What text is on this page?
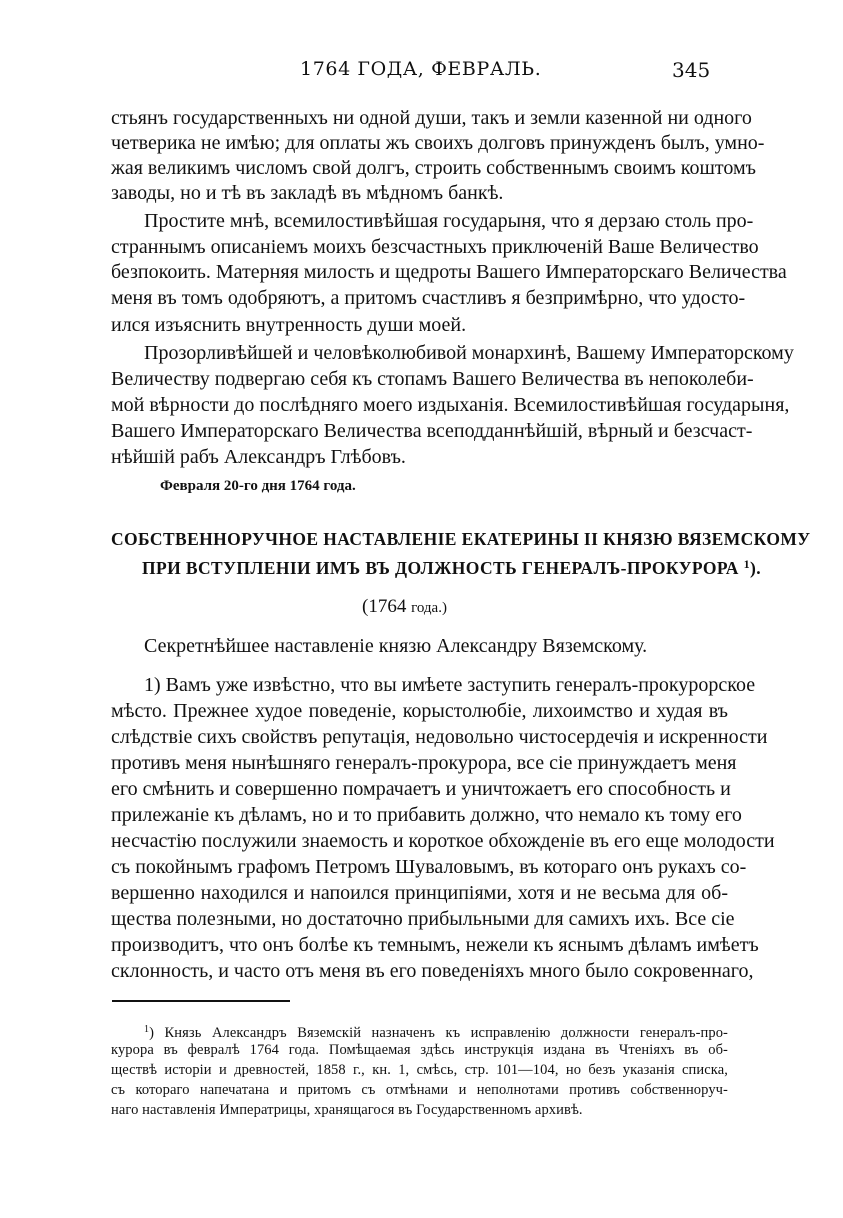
1764 ГОДА, ФЕВРАЛЬ.	345
стьянъ государственныхъ ни одной души, такъ и земли казенной ни одного
четверика не имѣю; для оплаты жъ своихъ долговъ принужденъ былъ, умно-
жая великимъ числомъ свой долгъ, строить собственнымъ своимъ коштомъ
заводы, но и тѣ въ закладѣ въ мѣдномъ банкѣ.
Простите мнѣ, всемилостивѣйшая государыня, что я дерзаю столь про-
страннымъ описаніемъ моихъ безсчастныхъ приключеній Ваше Величество
безпокоить. Матерняя милость и щедроты Вашего Императорскаго Величества
меня въ томъ одобряютъ, а притомъ счастливъ я безпримѣрно, что удосто-
ился изъяснить внутренность души моей.
Прозорливѣйшей и человѣколюбивой монархинѣ, Вашему Императорскому
Величеству подвергаю себя къ стопамъ Вашего Величества въ непоколеби-
мой вѣрности до послѣдняго моего издыханія. Всемилостивѣйшая государыня,
Вашего Императорскаго Величества всеподданнѣйшій, вѣрный и безсчаст-
нѣйшій рабъ Александръ Глѣбовъ.
Февраля 20-го дня 1764 года.
СОБСТВЕННОРУЧНОЕ НАСТАВЛЕНІЕ ЕКАТЕРИНЫ II КНЯЗЮ ВЯЗЕМСКОМУ
ПРИ ВСТУПЛЕНІИ ИМЪ ВЪ ДОЛЖНОСТЬ ГЕНЕРАЛЪ-ПРОКУРОРА $^1$).
(1764 года.)
Секретнѣйшее наставленіе князю Александру Вяземскому.
1) Вамъ уже извѣстно, что вы имѣете заступить генералъ-прокурорское
мѣсто. Прежнее худое поведеніе, корыстолюбіе, лихоимство и худая въ
слѣдствіе сихъ свойствъ репутація, недовольно чистосердечія и искренности
противъ меня нынѣшняго генералъ-прокурора, все сіе принуждаетъ меня
его смѣнить и совершенно помрачаетъ и уничтожаетъ его способность и
прилежаніе къ дѣламъ, но и то прибавить должно, что немало къ тому его
несчастію послужили знаемость и короткое обхожденіе въ его еще молодости
съ покойнымъ графомъ Петромъ Шуваловымъ, въ котораго онъ рукахъ со-
вершенно находился и напоился принципіями, хотя и не весьма для об-
щества полезными, но достаточно прибыльными для самихъ ихъ. Все сіе
производитъ, что онъ болѣе къ темнымъ, нежели къ яснымъ дѣламъ имѣетъ
склонность, и часто отъ меня въ его поведеніяхъ много было сокровеннаго,
$^1$) Князь Александръ Вяземскій назначенъ къ исправленію должности генералъ-про-
курора въ февралѣ 1764 года. Помѣщаемая здѣсь инструкція издана въ Чтеніяхъ въ об-
ществѣ исторіи и древностей, 1858 г., кн. 1, смѣсь, стр. 101—104, но безъ указанія списка,
съ котораго напечатана и притомъ съ отмѣнами и неполнотами противъ собственноруч-
наго наставленія Императрицы, хранящагося въ Государственномъ архивѣ.
